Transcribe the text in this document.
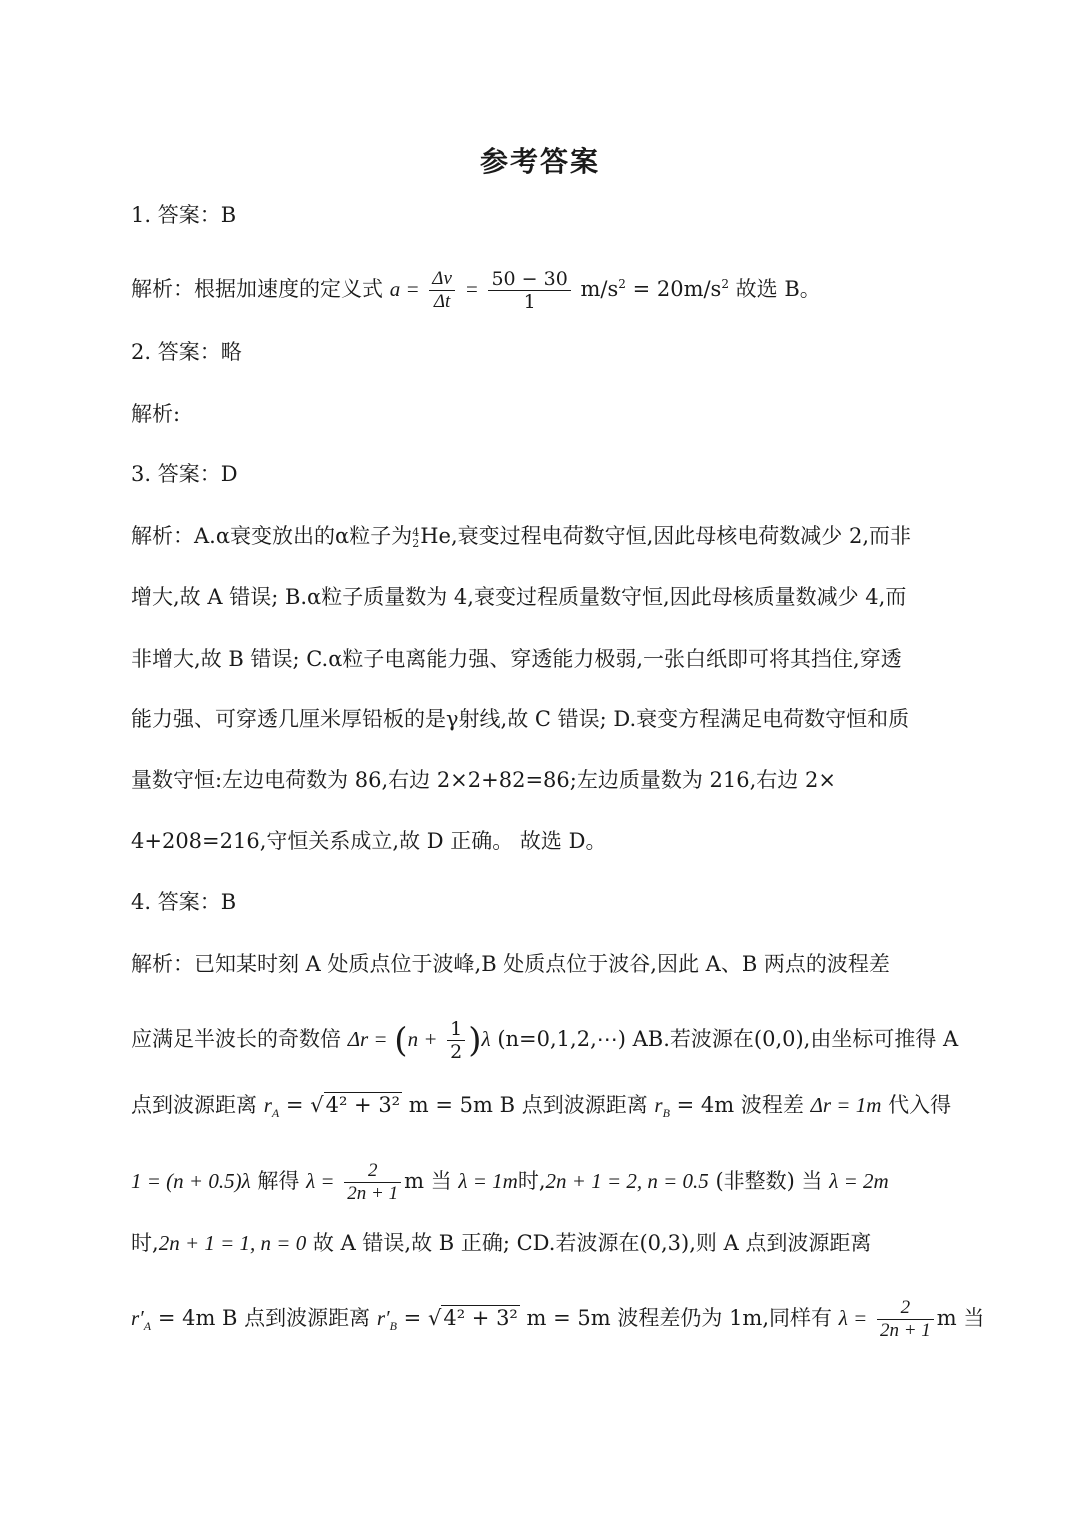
参考答案
1. 答案：B
解析：根据加速度的定义式 $a = \frac{\Delta v}{\Delta t} = \frac{50 - 30}{1} m/s^2 = 20m/s^2$ 故选 B。
2. 答案：略
解析:
3. 答案：D
解析：A.α衰变放出的α粒子为4
2He,衰变过程电荷数守恒,因此母核电荷数减少 2,而非
增大,故 A 错误; B.α粒子质量数为 4,衰变过程质量数守恒,因此母核质量数减少 4,而
非增大,故 B 错误; C.α粒子电离能力强、穿透能力极弱,一张白纸即可将其挡住,穿透
能力强、可穿透几厘米厚铅板的是γ射线,故 C 错误; D.衰变方程满足电荷数守恒和质
量数守恒:左边电荷数为 86,右边 2×2+82=86;左边质量数为 216,右边 2×
4+208=216,守恒关系成立,故 D 正确。 故选 D。
4. 答案：B
解析：已知某时刻 A 处质点位于波峰,B 处质点位于波谷,因此 A、B 两点的波程差
应满足半波长的奇数倍 $\Delta r = (n + \frac{1}{2} )\lambda$ (n=0,1,2,⋯) AB.若波源在(0,0),由坐标可推得 A
点到波源距离 $r_A = √4^2 + 3^2$ m = 5m B 点到波源距离 $r_B = 4m$ 波程差 Δr = 1m 代入得
1 = (n + 0.5)λ 解得 $\lambda = \frac{2}{2n + 1}$ m 当 λ = 1m时,2n + 1 = 2, n = 0.5 (非整数) 当 λ = 2m
时,2n + 1 = 1, n = 0 故 A 错误,故 B 正确; CD.若波源在(0,3),则 A 点到波源距离
$r'_A = 4m$ B 点到波源距离 $r'_B = √4^2 + 3^2$ m = 5m 波程差仍为 1m,同样有 $\lambda = \frac{2}{2n + 1}$ m 当
